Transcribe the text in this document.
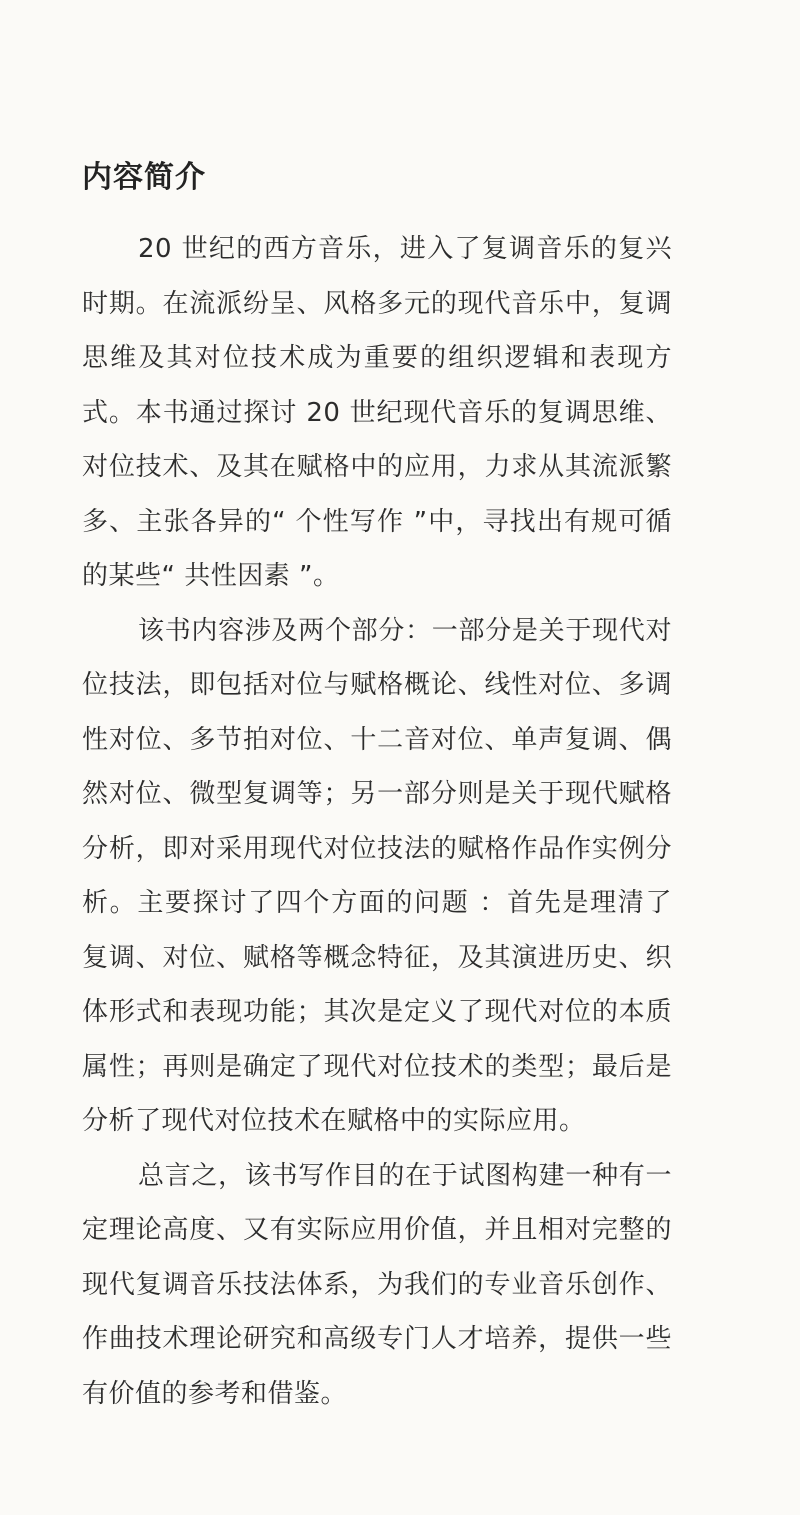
内容简介

20 世纪的西方音乐，进入了复调音乐的复兴时期。在流派纷呈、风格多元的现代音乐中，复调思维及其对位技术成为重要的组织逻辑和表现方式。本书通过探讨 20 世纪现代音乐的复调思维、对位技术、及其在赋格中的应用，力求从其流派繁多、主张各异的“ 个性写作 ”中，寻找出有规可循的某些“ 共性因素 ”。

该书内容涉及两个部分：一部分是关于现代对位技法，即包括对位与赋格概论、线性对位、多调性对位、多节拍对位、十二音对位、单声复调、偶然对位、微型复调等；另一部分则是关于现代赋格分析，即对采用现代对位技法的赋格作品作实例分析。主要探讨了四个方面的问题 ：首先是理清了复调、对位、赋格等概念特征，及其演进历史、织体形式和表现功能；其次是定义了现代对位的本质属性；再则是确定了现代对位技术的类型；最后是分析了现代对位技术在赋格中的实际应用。

总言之，该书写作目的在于试图构建一种有一定理论高度、又有实际应用价值，并且相对完整的现代复调音乐技法体系，为我们的专业音乐创作、作曲技术理论研究和高级专门人才培养，提供一些有价值的参考和借鉴。
